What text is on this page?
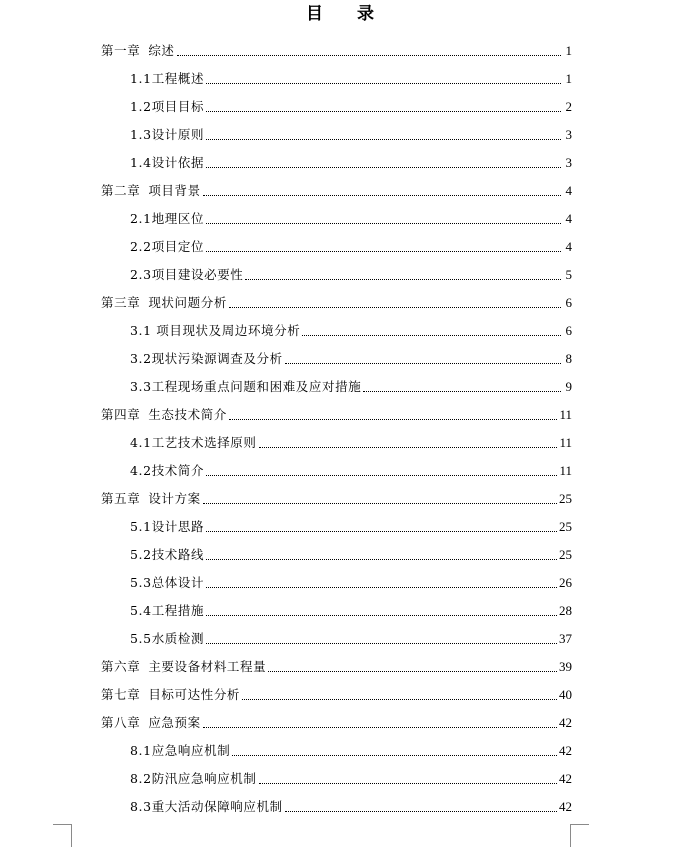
目 录
第一章 综述	1
1.1工程概述	1
1.2项目目标	2
1.3设计原则	3
1.4设计依据	3
第二章 项目背景	4
2.1地理区位	4
2.2项目定位	4
2.3项目建设必要性	5
第三章 现状问题分析	6
3.1 项目现状及周边环境分析	6
3.2现状污染源调查及分析	8
3.3工程现场重点问题和困难及应对措施	9
第四章 生态技术简介	11
4.1工艺技术选择原则	11
4.2技术简介	11
第五章 设计方案	25
5.1设计思路	25
5.2技术路线	25
5.3总体设计	26
5.4工程措施	28
5.5水质检测	37
第六章 主要设备材料工程量	39
第七章 目标可达性分析	40
第八章 应急预案	42
8.1应急响应机制	42
8.2防汛应急响应机制	42
8.3重大活动保障响应机制	42
